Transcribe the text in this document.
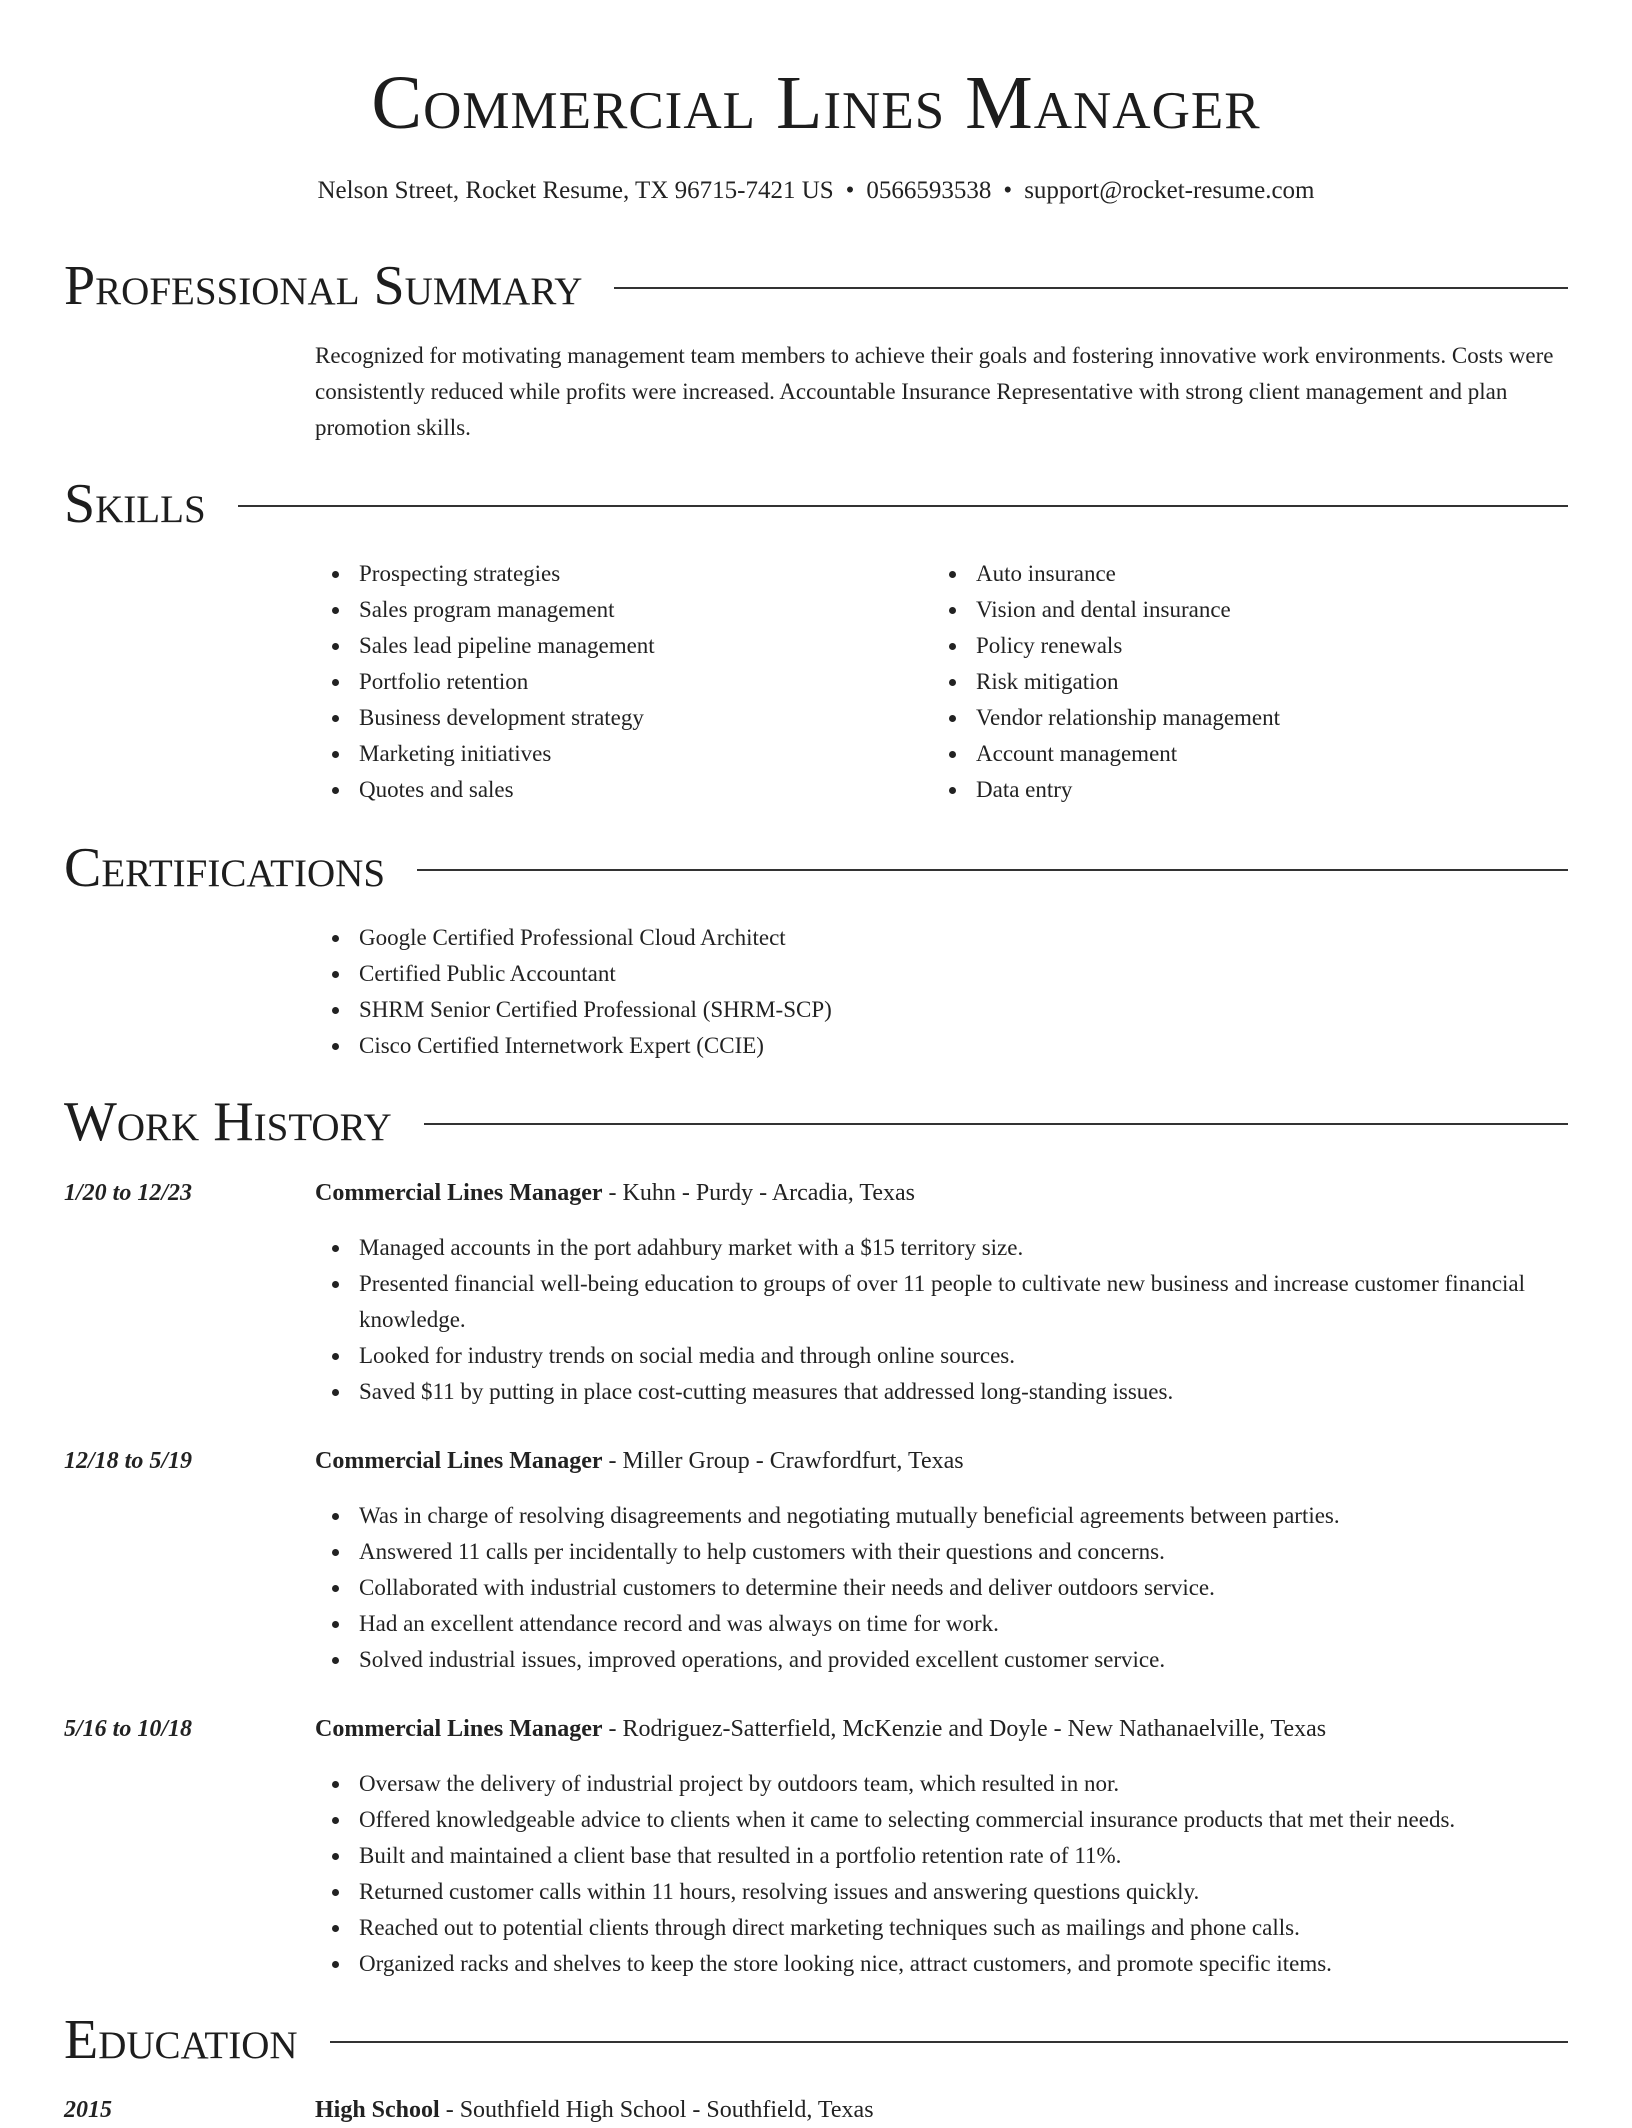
Commercial Lines Manager
Nelson Street, Rocket Resume, TX 96715-7421 US • 0566593538 • support@rocket-resume.com
Professional Summary
Recognized for motivating management team members to achieve their goals and fostering innovative work environments. Costs were consistently reduced while profits were increased. Accountable Insurance Representative with strong client management and plan promotion skills.
Skills
Prospecting strategies
Sales program management
Sales lead pipeline management
Portfolio retention
Business development strategy
Marketing initiatives
Quotes and sales
Auto insurance
Vision and dental insurance
Policy renewals
Risk mitigation
Vendor relationship management
Account management
Data entry
Certifications
Google Certified Professional Cloud Architect
Certified Public Accountant
SHRM Senior Certified Professional (SHRM-SCP)
Cisco Certified Internetwork Expert (CCIE)
Work History
1/20 to 12/23	Commercial Lines Manager - Kuhn - Purdy - Arcadia, Texas
Managed accounts in the port adahbury market with a $15 territory size.
Presented financial well-being education to groups of over 11 people to cultivate new business and increase customer financial knowledge.
Looked for industry trends on social media and through online sources.
Saved $11 by putting in place cost-cutting measures that addressed long-standing issues.
12/18 to 5/19	Commercial Lines Manager - Miller Group - Crawfordfurt, Texas
Was in charge of resolving disagreements and negotiating mutually beneficial agreements between parties.
Answered 11 calls per incidentally to help customers with their questions and concerns.
Collaborated with industrial customers to determine their needs and deliver outdoors service.
Had an excellent attendance record and was always on time for work.
Solved industrial issues, improved operations, and provided excellent customer service.
5/16 to 10/18	Commercial Lines Manager - Rodriguez-Satterfield, McKenzie and Doyle - New Nathanaelville, Texas
Oversaw the delivery of industrial project by outdoors team, which resulted in nor.
Offered knowledgeable advice to clients when it came to selecting commercial insurance products that met their needs.
Built and maintained a client base that resulted in a portfolio retention rate of 11%.
Returned customer calls within 11 hours, resolving issues and answering questions quickly.
Reached out to potential clients through direct marketing techniques such as mailings and phone calls.
Organized racks and shelves to keep the store looking nice, attract customers, and promote specific items.
Education
2015	High School - Southfield High School - Southfield, Texas
